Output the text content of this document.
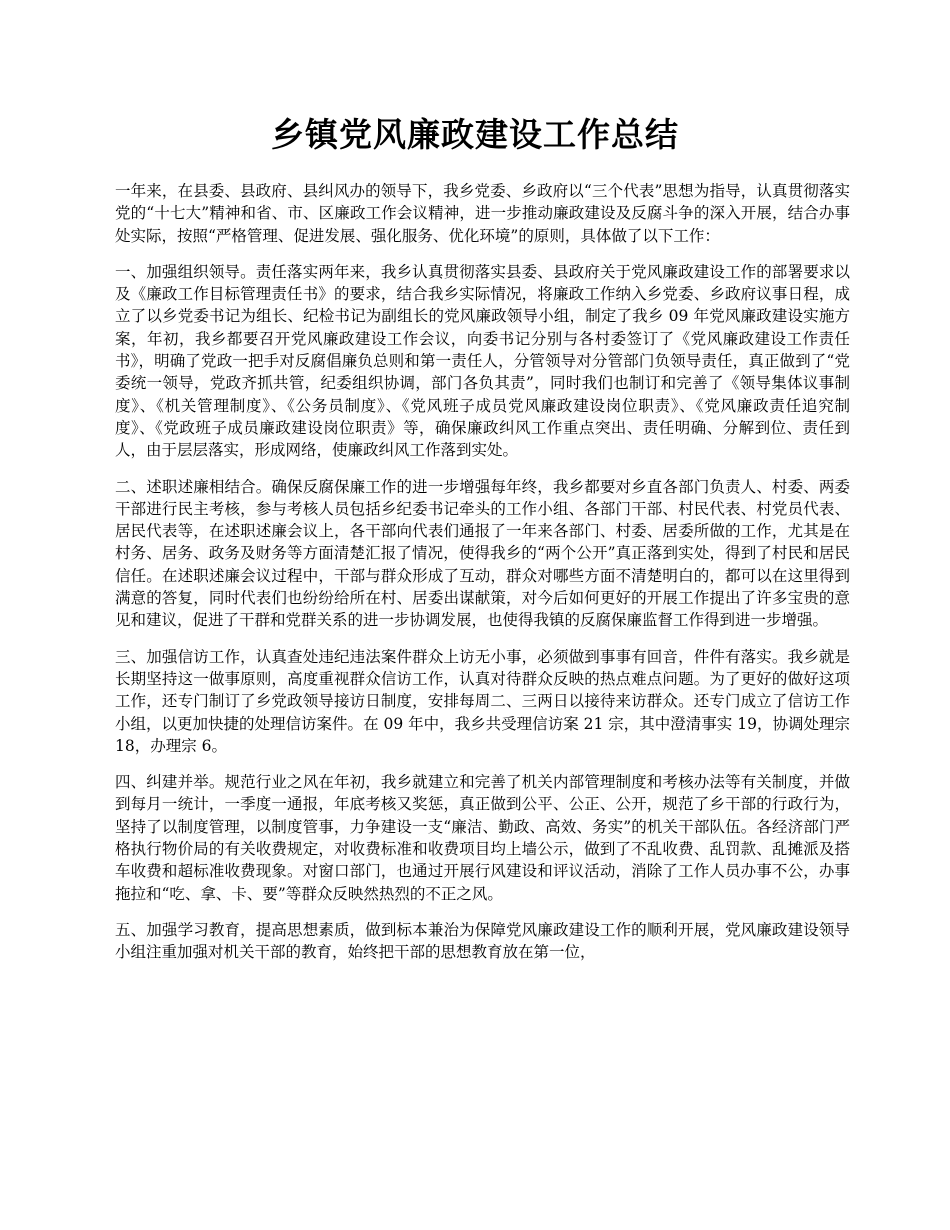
乡镇党风廉政建设工作总结

一年来，在县委、县政府、县纠风办的领导下，我乡党委、乡政府以“三个代表”思想为指导，认真贯彻落实党的“十七大”精神和省、市、区廉政工作会议精神，进一步推动廉政建设及反腐斗争的深入开展，结合办事处实际，按照“严格管理、促进发展、强化服务、优化环境”的原则，具体做了以下工作：

一、加强组织领导。责任落实两年来，我乡认真贯彻落实县委、县政府关于党风廉政建设工作的部署要求以及《廉政工作目标管理责任书》的要求，结合我乡实际情况，将廉政工作纳入乡党委、乡政府议事日程，成立了以乡党委书记为组长、纪检书记为副组长的党风廉政领导小组，制定了我乡 09 年党风廉政建设实施方案，年初，我乡都要召开党风廉政建设工作会议，向委书记分别与各村委签订了《党风廉政建设工作责任书》，明确了党政一把手对反腐倡廉负总则和第一责任人，分管领导对分管部门负领导责任，真正做到了“党委统一领导，党政齐抓共管，纪委组织协调，部门各负其责”，同时我们也制订和完善了《领导集体议事制度》、《机关管理制度》、《公务员制度》、《党风班子成员党风廉政建设岗位职责》、《党风廉政责任追究制度》、《党政班子成员廉政建设岗位职责》等，确保廉政纠风工作重点突出、责任明确、分解到位、责任到人，由于层层落实，形成网络，使廉政纠风工作落到实处。

二、述职述廉相结合。确保反腐保廉工作的进一步增强每年终，我乡都要对乡直各部门负责人、村委、两委干部进行民主考核，参与考核人员包括乡纪委书记牵头的工作小组、各部门干部、村民代表、村党员代表、居民代表等，在述职述廉会议上，各干部向代表们通报了一年来各部门、村委、居委所做的工作，尤其是在村务、居务、政务及财务等方面清楚汇报了情况，使得我乡的“两个公开”真正落到实处，得到了村民和居民信任。在述职述廉会议过程中，干部与群众形成了互动，群众对哪些方面不清楚明白的，都可以在这里得到满意的答复，同时代表们也纷纷给所在村、居委出谋献策，对今后如何更好的开展工作提出了许多宝贵的意见和建议，促进了干群和党群关系的进一步协调发展，也使得我镇的反腐保廉监督工作得到进一步增强。

三、加强信访工作，认真查处违纪违法案件群众上访无小事，必须做到事事有回音，件件有落实。我乡就是长期坚持这一做事原则，高度重视群众信访工作，认真对待群众反映的热点难点问题。为了更好的做好这项工作，还专门制订了乡党政领导接访日制度，安排每周二、三两日以接待来访群众。还专门成立了信访工作小组，以更加快捷的处理信访案件。在 09 年中，我乡共受理信访案 21 宗，其中澄清事实 19，协调处理宗 18，办理宗 6。

四、纠建并举。规范行业之风在年初，我乡就建立和完善了机关内部管理制度和考核办法等有关制度，并做到每月一统计，一季度一通报，年底考核又奖惩，真正做到公平、公正、公开，规范了乡干部的行政行为，坚持了以制度管理，以制度管事，力争建设一支“廉洁、勤政、高效、务实”的机关干部队伍。各经济部门严格执行物价局的有关收费规定，对收费标准和收费项目均上墙公示，做到了不乱收费、乱罚款、乱摊派及搭车收费和超标准收费现象。对窗口部门，也通过开展行风建设和评议活动，消除了工作人员办事不公，办事拖拉和“吃、拿、卡、要”等群众反映然热烈的不正之风。

五、加强学习教育，提高思想素质，做到标本兼治为保障党风廉政建设工作的顺利开展，党风廉政建设领导小组注重加强对机关干部的教育，始终把干部的思想教育放在第一位，
